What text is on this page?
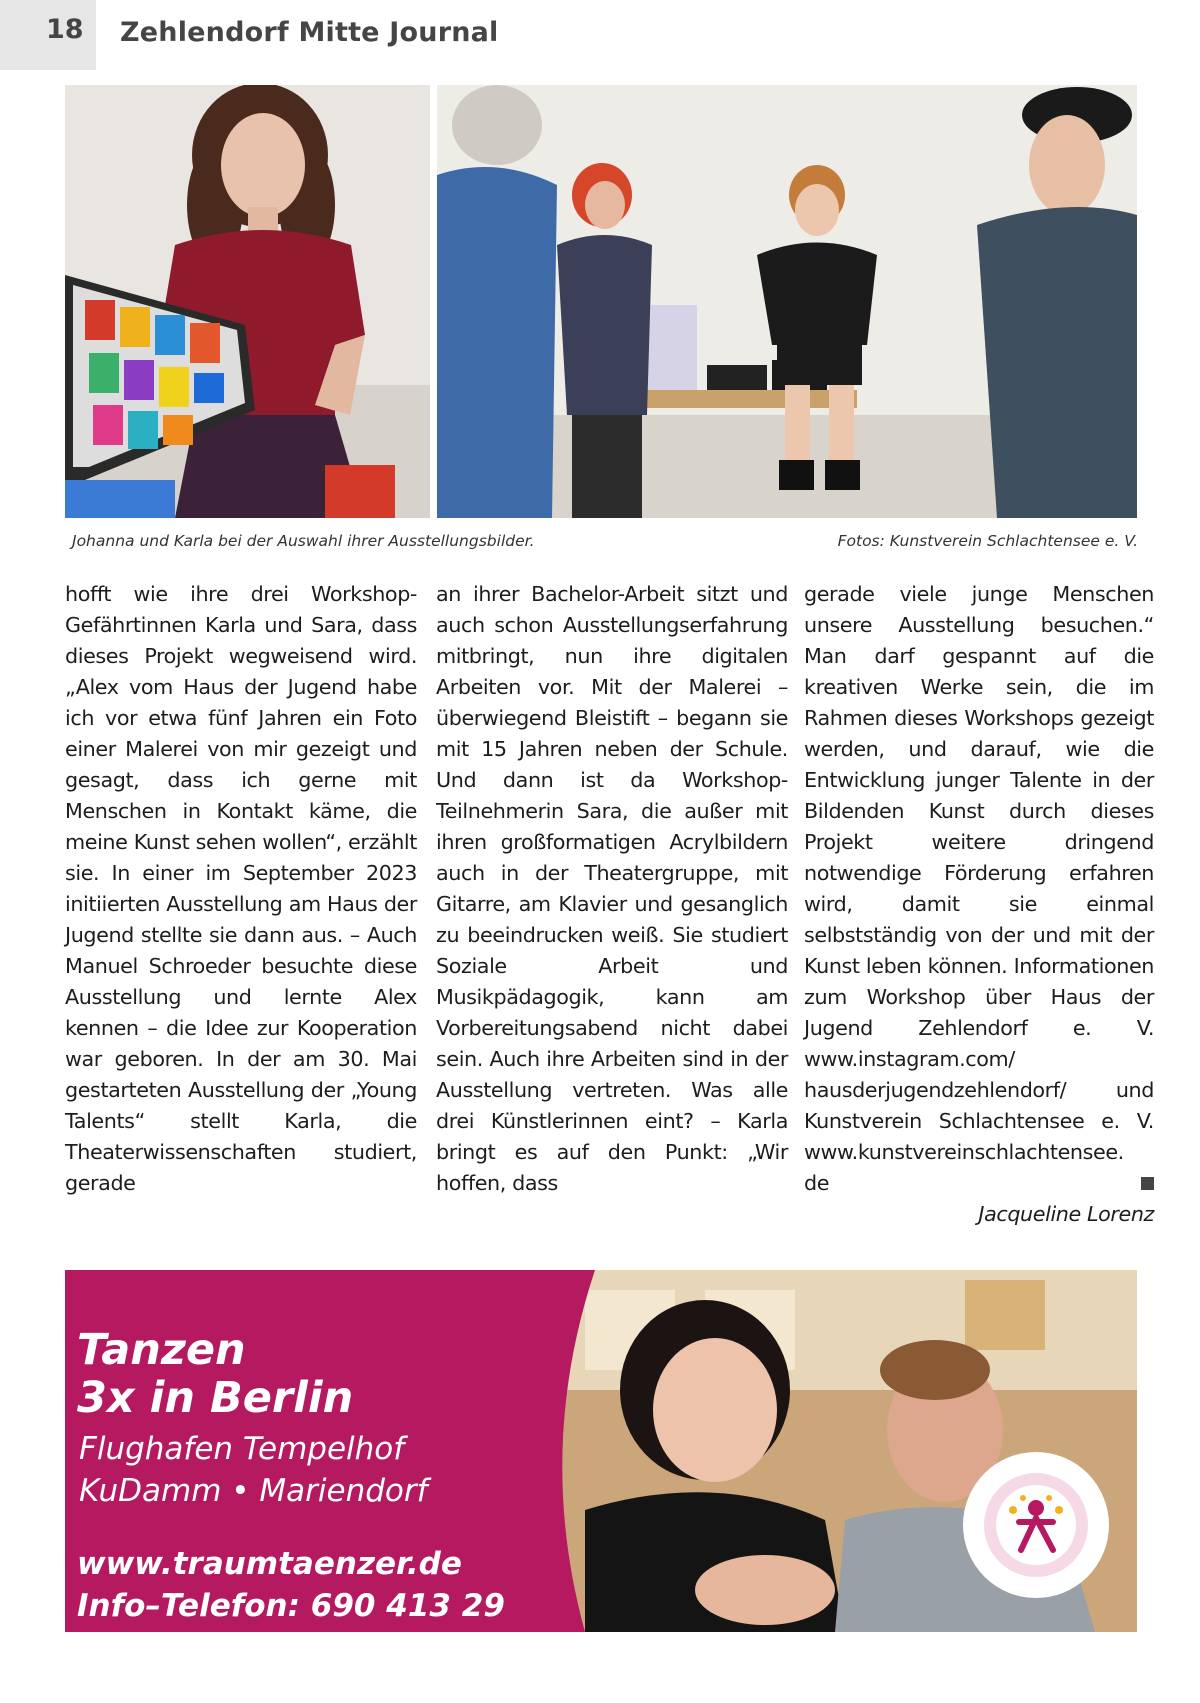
18 Zehlendorf Mitte Journal
Johanna und Karla bei der Auswahl ihrer Ausstellungsbilder.	Fotos: Kunstverein Schlachtensee e. V.
hofft wie ihre drei Workshop-Gefährtinnen Karla und Sara, dass dieses Projekt wegweisend wird. „Alex vom Haus der Jugend habe ich vor etwa fünf Jahren ein Foto einer Malerei von mir gezeigt und gesagt, dass ich gerne mit Menschen in Kontakt käme, die meine Kunst sehen wollen“, erzählt sie. In einer im September 2023 initiierten Ausstellung am Haus der Jugend stellte sie dann aus. – Auch Manuel Schroeder besuchte diese Ausstellung und lernte Alex kennen – die Idee zur Kooperation war geboren. In der am 30. Mai gestarteten Ausstellung der „Young Talents“ stellt Karla, die Theaterwissenschaften studiert, gerade
an ihrer Bachelor-Arbeit sitzt und auch schon Ausstellungserfahrung mitbringt, nun ihre digitalen Arbeiten vor. Mit der Malerei – überwiegend Bleistift – begann sie mit 15 Jahren neben der Schule. Und dann ist da Workshop-Teilnehmerin Sara, die außer mit ihren großformatigen Acrylbildern auch in der Theatergruppe, mit Gitarre, am Klavier und gesanglich zu beeindrucken weiß. Sie studiert Soziale Arbeit und Musikpädagogik, kann am Vorbereitungsabend nicht dabei sein. Auch ihre Arbeiten sind in der Ausstellung vertreten. Was alle drei Künstlerinnen eint? – Karla bringt es auf den Punkt: „Wir hoffen, dass
gerade viele junge Menschen unsere Ausstellung besuchen.“ Man darf gespannt auf die kreativen Werke sein, die im Rahmen dieses Workshops gezeigt werden, und darauf, wie die Entwicklung junger Talente in der Bildenden Kunst durch dieses Projekt weitere dringend notwendige Förderung erfahren wird, damit sie einmal selbstständig von der und mit der Kunst leben können. Informationen zum Workshop über Haus der Jugend Zehlendorf e. V. www.instagram.com/ hausderjugendzehlendorf/ und Kunstverein Schlachtensee e. V. www.kunstvereinschlachtensee. de
Jacqueline Lorenz
Tanzen
3x in Berlin
Flughafen Tempelhof
KuDamm • Mariendorf
www.traumtaenzer.de
Info–Telefon: 690 413 29
